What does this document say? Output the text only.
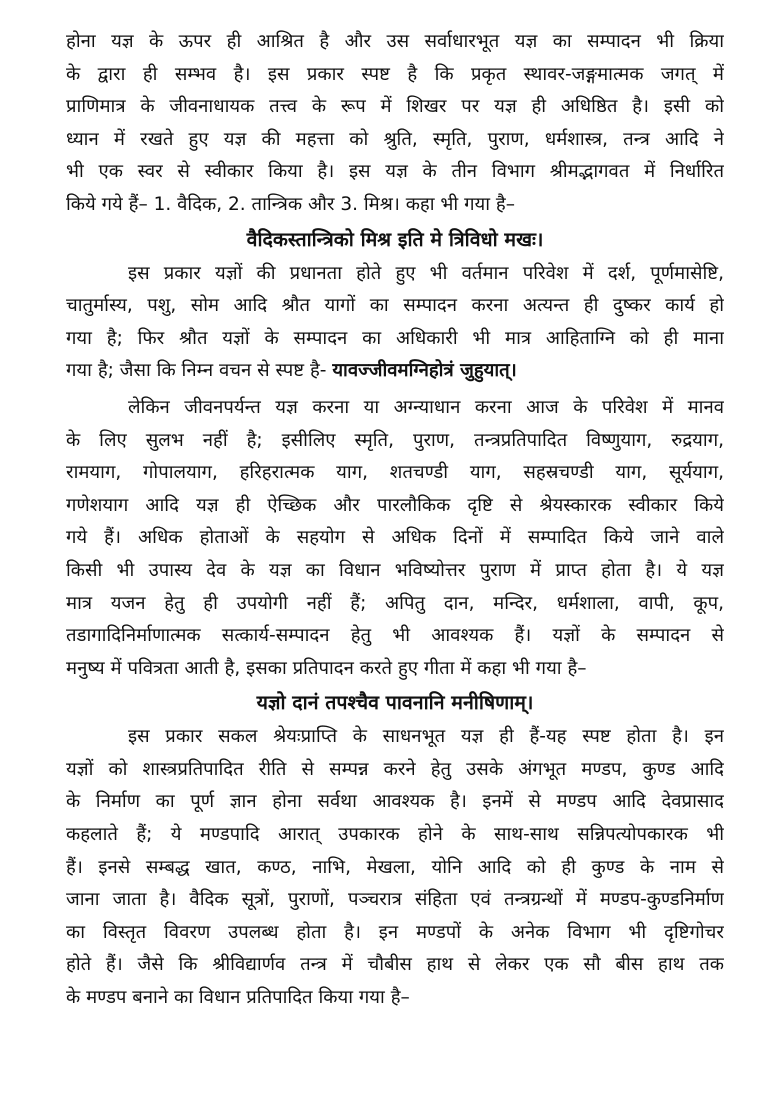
होना यज्ञ के ऊपर ही आश्रित है और उस सर्वाधारभूत यज्ञ का सम्पादन भी क्रिया
के द्वारा ही सम्भव है। इस प्रकार स्पष्ट है कि प्रकृत स्थावर-जङ्गमात्मक जगत् में
प्राणिमात्र के जीवनाधायक तत्त्व के रूप में शिखर पर यज्ञ ही अधिष्ठित है। इसी को
ध्यान में रखते हुए यज्ञ की महत्ता को श्रुति, स्मृति, पुराण, धर्मशास्त्र, तन्त्र आदि ने
भी एक स्वर से स्वीकार किया है। इस यज्ञ के तीन विभाग श्रीमद्भागवत में निर्धारित
किये गये हैं– 1. वैदिक, 2. तान्त्रिक और 3. मिश्र। कहा भी गया है–
वैदिकस्तान्त्रिको मिश्र इति मे त्रिविधो मखः।
इस प्रकार यज्ञों की प्रधानता होते हुए भी वर्तमान परिवेश में दर्श, पूर्णमासेष्टि,
चातुर्मास्य, पशु, सोम आदि श्रौत यागों का सम्पादन करना अत्यन्त ही दुष्कर कार्य हो
गया है; फिर श्रौत यज्ञों के सम्पादन का अधिकारी भी मात्र आहिताग्नि को ही माना
गया है; जैसा कि निम्न वचन से स्पष्ट है- यावज्जीवमग्निहोत्रं जुहुयात्।
लेकिन जीवनपर्यन्त यज्ञ करना या अग्न्याधान करना आज के परिवेश में मानव
के लिए सुलभ नहीं है; इसीलिए स्मृति, पुराण, तन्त्रप्रतिपादित विष्णुयाग, रुद्रयाग,
रामयाग, गोपालयाग, हरिहरात्मक याग, शतचण्डी याग, सहस्रचण्डी याग, सूर्ययाग,
गणेशयाग आदि यज्ञ ही ऐच्छिक और पारलौकिक दृष्टि से श्रेयस्कारक स्वीकार किये
गये हैं। अधिक होताओं के सहयोग से अधिक दिनों में सम्पादित किये जाने वाले
किसी भी उपास्य देव के यज्ञ का विधान भविष्योत्तर पुराण में प्राप्त होता है। ये यज्ञ
मात्र यजन हेतु ही उपयोगी नहीं हैं; अपितु दान, मन्दिर, धर्मशाला, वापी, कूप,
तडागादिनिर्माणात्मक सत्कार्य-सम्पादन हेतु भी आवश्यक हैं। यज्ञों के सम्पादन से
मनुष्य में पवित्रता आती है, इसका प्रतिपादन करते हुए गीता में कहा भी गया है–
यज्ञो दानं तपश्चैव पावनानि मनीषिणाम्।
इस प्रकार सकल श्रेयःप्राप्ति के साधनभूत यज्ञ ही हैं-यह स्पष्ट होता है। इन
यज्ञों को शास्त्रप्रतिपादित रीति से सम्पन्न करने हेतु उसके अंगभूत मण्डप, कुण्ड आदि
के निर्माण का पूर्ण ज्ञान होना सर्वथा आवश्यक है। इनमें से मण्डप आदि देवप्रासाद
कहलाते हैं; ये मण्डपादि आरात् उपकारक होने के साथ-साथ सन्निपत्योपकारक भी
हैं। इनसे सम्बद्ध खात, कण्ठ, नाभि, मेखला, योनि आदि को ही कुण्ड के नाम से
जाना जाता है। वैदिक सूत्रों, पुराणों, पञ्चरात्र संहिता एवं तन्त्रग्रन्थों में मण्डप-कुण्डनिर्माण
का विस्तृत विवरण उपलब्ध होता है। इन मण्डपों के अनेक विभाग भी दृष्टिगोचर
होते हैं। जैसे कि श्रीविद्यार्णव तन्त्र में चौबीस हाथ से लेकर एक सौ बीस हाथ तक
के मण्डप बनाने का विधान प्रतिपादित किया गया है–
